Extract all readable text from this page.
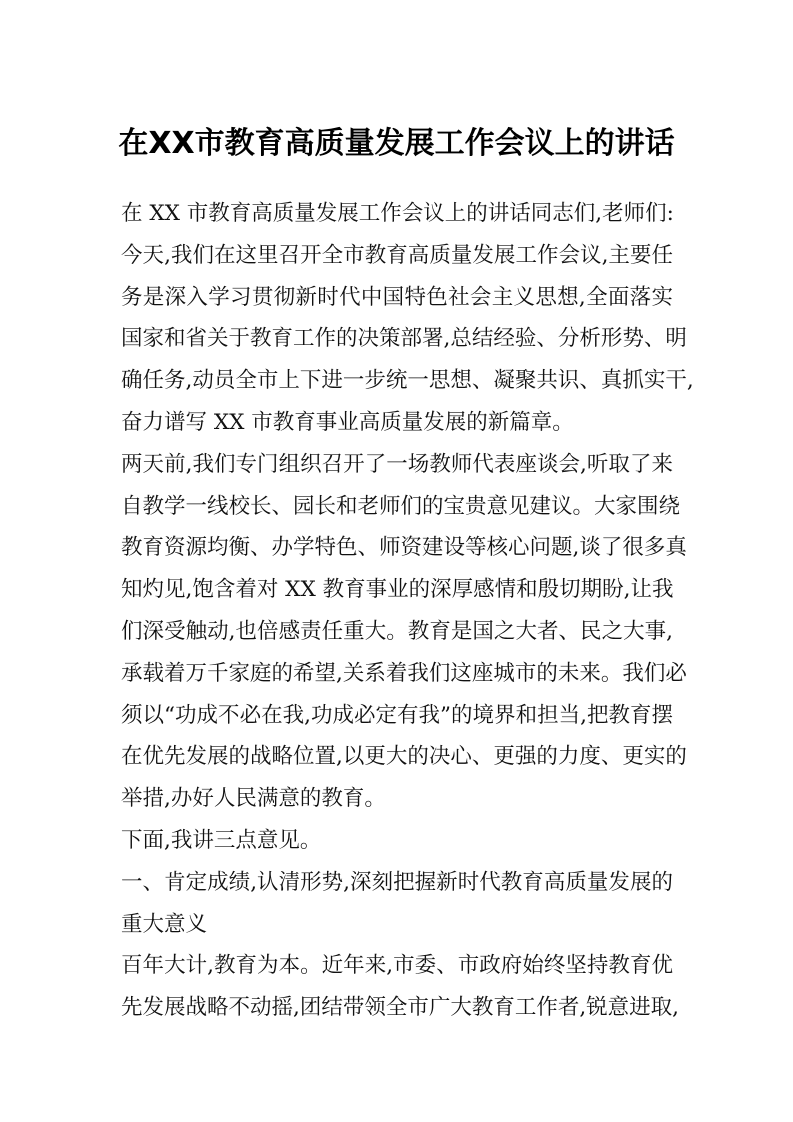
在XX市教育高质量发展工作会议上的讲话
在 XX 市教育高质量发展工作会议上的讲话同志们,老师们:
今天,我们在这里召开全市教育高质量发展工作会议,主要任
务是深入学习贯彻新时代中国特色社会主义思想,全面落实
国家和省关于教育工作的决策部署,总结经验、分析形势、明
确任务,动员全市上下进一步统一思想、凝聚共识、真抓实干,
奋力谱写 XX 市教育事业高质量发展的新篇章。
两天前,我们专门组织召开了一场教师代表座谈会,听取了来
自教学一线校长、园长和老师们的宝贵意见建议。大家围绕
教育资源均衡、办学特色、师资建设等核心问题,谈了很多真
知灼见,饱含着对 XX 教育事业的深厚感情和殷切期盼,让我
们深受触动,也倍感责任重大。教育是国之大者、民之大事,
承载着万千家庭的希望,关系着我们这座城市的未来。我们必
须以“功成不必在我,功成必定有我”的境界和担当,把教育摆
在优先发展的战略位置,以更大的决心、更强的力度、更实的
举措,办好人民满意的教育。
下面,我讲三点意见。
一、肯定成绩,认清形势,深刻把握新时代教育高质量发展的
重大意义
百年大计,教育为本。近年来,市委、市政府始终坚持教育优
先发展战略不动摇,团结带领全市广大教育工作者,锐意进取,
